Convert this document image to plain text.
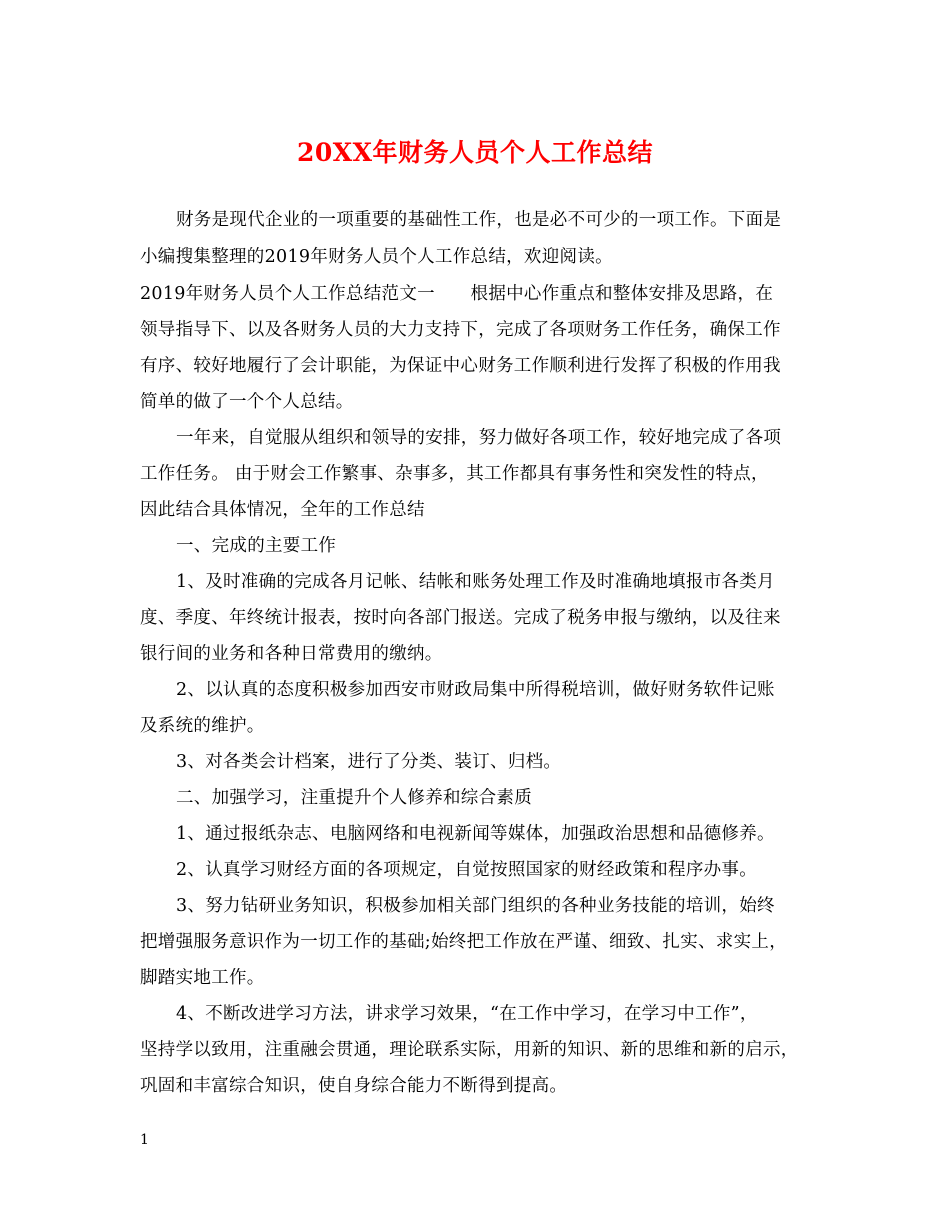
20XX年财务人员个人工作总结
财务是现代企业的一项重要的基础性工作，也是必不可少的一项工作。下面是
小编搜集整理的2019年财务人员个人工作总结，欢迎阅读。
2019年财务人员个人工作总结范文一　　根据中心作重点和整体安排及思路，在
领导指导下、以及各财务人员的大力支持下，完成了各项财务工作任务，确保工作
有序、较好地履行了会计职能，为保证中心财务工作顺利进行发挥了积极的作用我
简单的做了一个个人总结。
一年来，自觉服从组织和领导的安排，努力做好各项工作，较好地完成了各项
工作任务。 由于财会工作繁事、杂事多，其工作都具有事务性和突发性的特点，
因此结合具体情况，全年的工作总结
一、完成的主要工作
1、及时准确的完成各月记帐、结帐和账务处理工作及时准确地填报市各类月
度、季度、年终统计报表，按时向各部门报送。完成了税务申报与缴纳，以及往来
银行间的业务和各种日常费用的缴纳。
2、以认真的态度积极参加西安市财政局集中所得税培训，做好财务软件记账
及系统的维护。
3、对各类会计档案，进行了分类、装订、归档。
二、加强学习，注重提升个人修养和综合素质
1、通过报纸杂志、电脑网络和电视新闻等媒体，加强政治思想和品德修养。
2、认真学习财经方面的各项规定，自觉按照国家的财经政策和程序办事。
3、努力钻研业务知识，积极参加相关部门组织的各种业务技能的培训，始终
把增强服务意识作为一切工作的基础;始终把工作放在严谨、细致、扎实、求实上，
脚踏实地工作。
4、不断改进学习方法，讲求学习效果，“在工作中学习，在学习中工作”，
坚持学以致用，注重融会贯通，理论联系实际，用新的知识、新的思维和新的启示，
巩固和丰富综合知识，使自身综合能力不断得到提高。
1
